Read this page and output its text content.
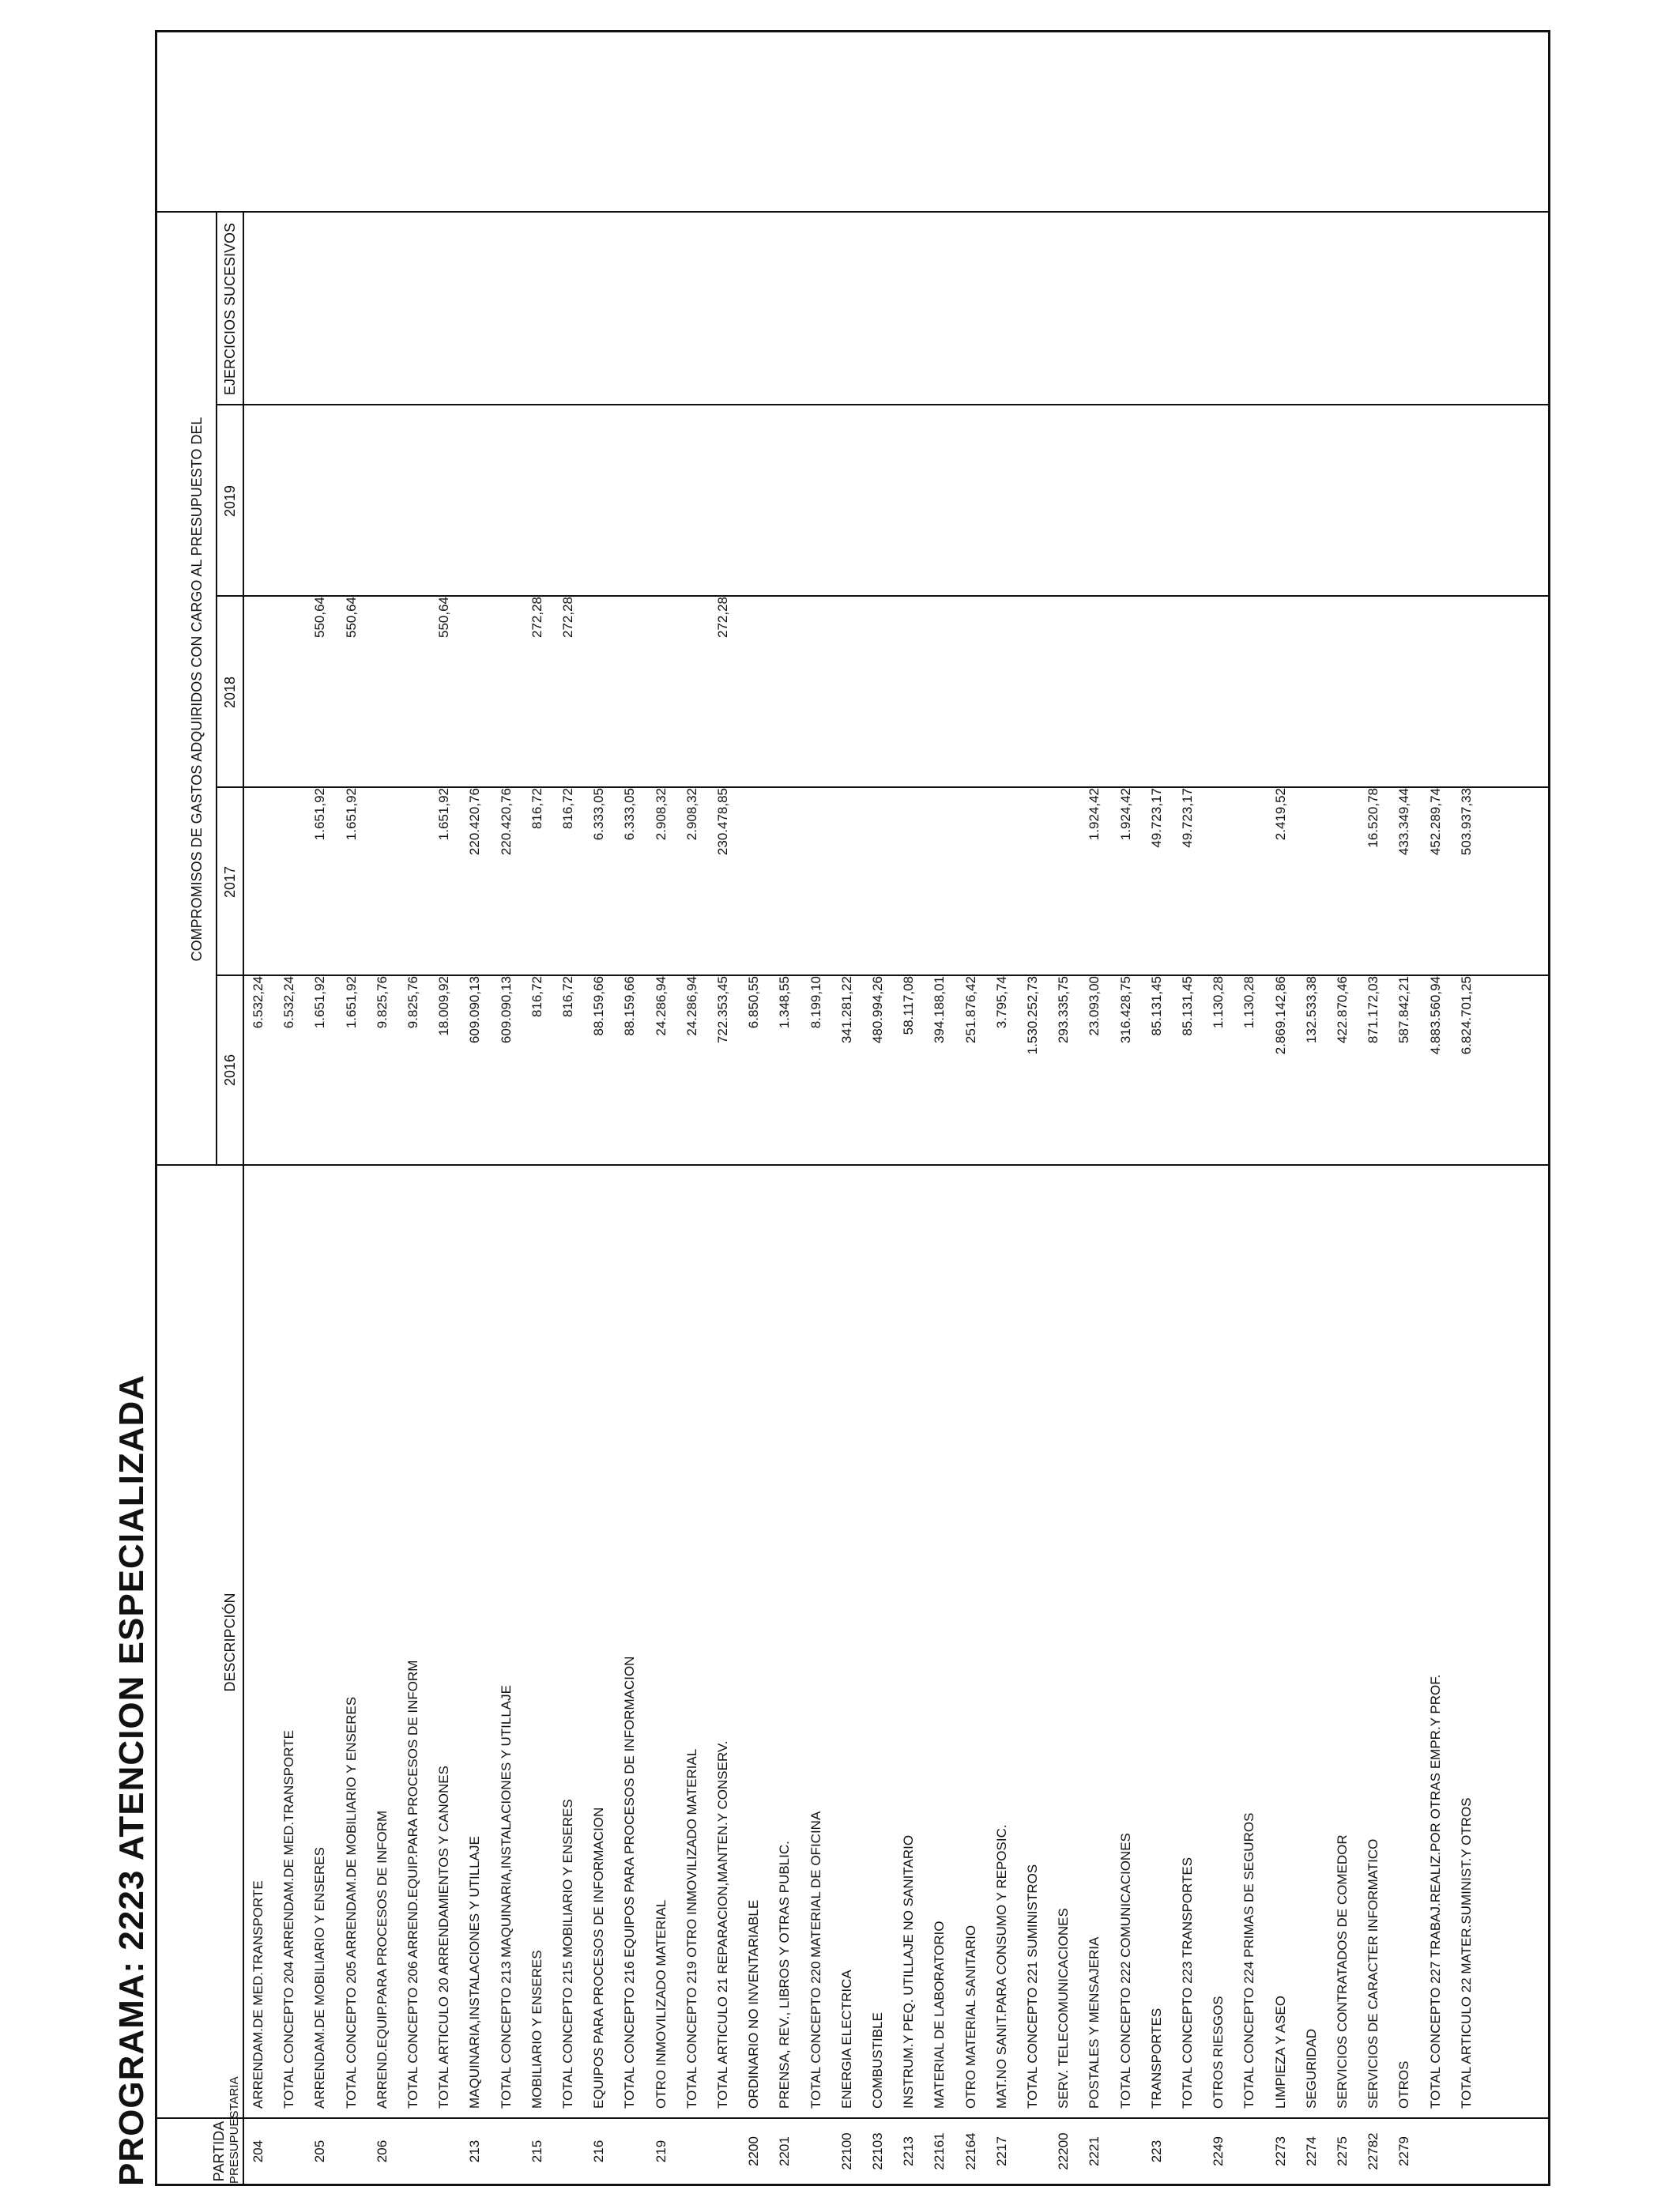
PROGRAMA: 2223 ATENCION ESPECIALIZADA	PARTIDA PRESUPUESTARIA
DESCRIPCIÓN
COMPROMISOS DE GASTOS ADQUIRIDOS CON CARGO AL PRESUPUESTO DEL
2016
2017
2018
2019
EJERCICIOS SUCESIVOS
204
ARRENDAM.DE MED.TRANSPORTE
6.532,24
TOTAL CONCEPTO 204 ARRENDAM.DE MED.TRANSPORTE
6.532,24
205
ARRENDAM.DE MOBILIARIO Y ENSERES
1.651,92
1.651,92
550,64
TOTAL CONCEPTO 205 ARRENDAM.DE MOBILIARIO Y ENSERES
1.651,92
1.651,92
550,64
206
ARREND.EQUIP.PARA PROCESOS DE INFORM
9.825,76
TOTAL CONCEPTO 206 ARREND.EQUIP.PARA PROCESOS DE INFORM
9.825,76
TOTAL ARTICULO 20 ARRENDAMIENTOS Y CANONES
18.009,92
1.651,92
550,64
213
MAQUINARIA,INSTALACIONES Y UTILLAJE
609.090,13
220.420,76
TOTAL CONCEPTO 213 MAQUINARIA,INSTALACIONES Y UTILLAJE
609.090,13
220.420,76
215
MOBILIARIO Y ENSERES
816,72
816,72
272,28
TOTAL CONCEPTO 215 MOBILIARIO Y ENSERES
816,72
816,72
272,28
216
EQUIPOS PARA PROCESOS DE INFORMACION
88.159,66
6.333,05
TOTAL CONCEPTO 216 EQUIPOS PARA PROCESOS DE INFORMACION
88.159,66
6.333,05
219
OTRO INMOVILIZADO MATERIAL
24.286,94
2.908,32
TOTAL CONCEPTO 219 OTRO INMOVILIZADO MATERIAL
24.286,94
2.908,32
TOTAL ARTICULO 21 REPARACION,MANTEN.Y CONSERV.
722.353,45
230.478,85
272,28
2200
ORDINARIO NO INVENTARIABLE
6.850,55
2201
PRENSA, REV., LIBROS Y OTRAS PUBLIC.
1.348,55
TOTAL CONCEPTO 220 MATERIAL DE OFICINA
8.199,10
22100
ENERGIA ELECTRICA
341.281,22
22103
COMBUSTIBLE
480.994,26
2213
INSTRUM.Y PEQ. UTILLAJE NO SANITARIO
58.117,08
22161
MATERIAL DE LABORATORIO
394.188,01
22164
OTRO MATERIAL SANITARIO
251.876,42
2217
MAT.NO SANIT.PARA CONSUMO Y REPOSIC.
3.795,74
TOTAL CONCEPTO 221 SUMINISTROS
1.530.252,73
22200
SERV. TELECOMUNICACIONES
293.335,75
2221
POSTALES Y MENSAJERIA
23.093,00
1.924,42
TOTAL CONCEPTO 222 COMUNICACIONES
316.428,75
1.924,42
223
TRANSPORTES
85.131,45
49.723,17
TOTAL CONCEPTO 223 TRANSPORTES
85.131,45
49.723,17
2249
OTROS RIESGOS
1.130,28
TOTAL CONCEPTO 224 PRIMAS DE SEGUROS
1.130,28
2273
LIMPIEZA Y ASEO
2.869.142,86
2.419,52
2274
SEGURIDAD
132.533,38
2275
SERVICIOS CONTRATADOS DE COMEDOR
422.870,46
22782
SERVICIOS DE CARACTER INFORMATICO
871.172,03
16.520,78
2279
OTROS
587.842,21
433.349,44
TOTAL CONCEPTO 227 TRABAJ.REALIZ.POR OTRAS EMPR.Y PROF.
4.883.560,94
452.289,74
TOTAL ARTICULO 22 MATER.SUMINIST.Y OTROS
6.824.701,25
503.937,33
